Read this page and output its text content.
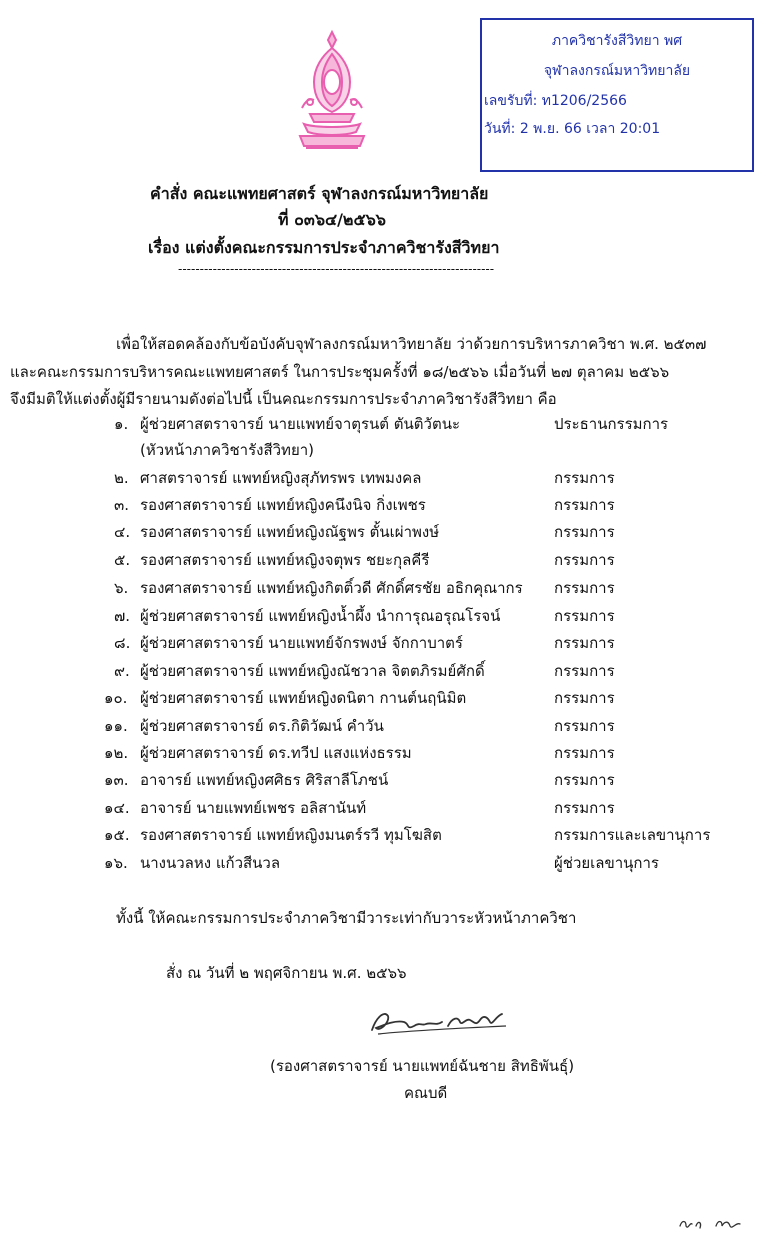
ภาควิชารังสีวิทยา พศ
จุฬาลงกรณ์มหาวิทยาลัย
เลขรับที่: ท1206/2566
วันที่: 2 พ.ย. 66 เวลา 20:01
คำสั่ง คณะแพทยศาสตร์ จุฬาลงกรณ์มหาวิทยาลัย
ที่ ๐๓๖๔/๒๕๖๖
เรื่อง แต่งตั้งคณะกรรมการประจำภาควิชารังสีวิทยา
-------------------------------------------------------------------------
เพื่อให้สอดคล้องกับข้อบังคับจุฬาลงกรณ์มหาวิทยาลัย ว่าด้วยการบริหารภาควิชา พ.ศ. ๒๕๓๗
และคณะกรรมการบริหารคณะแพทยศาสตร์ ในการประชุมครั้งที่ ๑๘/๒๕๖๖ เมื่อวันที่ ๒๗ ตุลาคม ๒๕๖๖
จึงมีมติให้แต่งตั้งผู้มีรายนามดังต่อไปนี้ เป็นคณะกรรมการประจำภาควิชารังสีวิทยา คือ
๑. ผู้ช่วยศาสตราจารย์ นายแพทย์จาตุรนต์ ตันติวัตนะ	ประธานกรรมการ
(หัวหน้าภาควิชารังสีวิทยา)
๒. ศาสตราจารย์ แพทย์หญิงสุภัทรพร เทพมงคล	กรรมการ
๓. รองศาสตราจารย์ แพทย์หญิงคนึงนิจ กิ่งเพชร	กรรมการ
๔. รองศาสตราจารย์ แพทย์หญิงณัฐพร ตั้นเผ่าพงษ์	กรรมการ
๕. รองศาสตราจารย์ แพทย์หญิงจตุพร ชยะกุลคีรี	กรรมการ
๖. รองศาสตราจารย์ แพทย์หญิงกิตติ์วดี ศักดิ์ศรชัย อธิกคุณากร กรรมการ
๗. ผู้ช่วยศาสตราจารย์ แพทย์หญิงน้ำผึ้ง นำการุณอรุณโรจน์	กรรมการ
๘. ผู้ช่วยศาสตราจารย์ นายแพทย์จักรพงษ์ จักกาบาตร์	กรรมการ
๙. ผู้ช่วยศาสตราจารย์ แพทย์หญิงณัชวาล จิตตภิรมย์ศักดิ์	กรรมการ
๑๐. ผู้ช่วยศาสตราจารย์ แพทย์หญิงดนิตา กานต์นฤนิมิต	กรรมการ
๑๑. ผู้ช่วยศาสตราจารย์ ดร.กิติวัฒน์ คำวัน	กรรมการ
๑๒. ผู้ช่วยศาสตราจารย์ ดร.ทวีป แสงแห่งธรรม	กรรมการ
๑๓. อาจารย์ แพทย์หญิงศศิธร ศิริสาลีโภชน์	กรรมการ
๑๔. อาจารย์ นายแพทย์เพชร อลิสานันท์	กรรมการ
๑๕. รองศาสตราจารย์ แพทย์หญิงมนตร์รวี ทุมโฆสิต	กรรมการและเลขานุการ
๑๖. นางนวลหง แก้วสีนวล	ผู้ช่วยเลขานุการ
ทั้งนี้ ให้คณะกรรมการประจำภาควิชามีวาระเท่ากับวาระหัวหน้าภาควิชา
สั่ง ณ วันที่ ๒ พฤศจิกายน พ.ศ. ๒๕๖๖
(รองศาสตราจารย์ นายแพทย์ฉันชาย สิทธิพันธุ์)
คณบดี
